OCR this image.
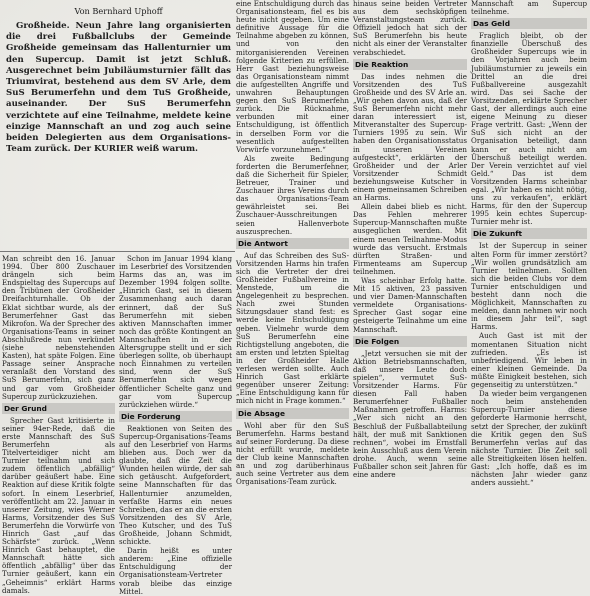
Von Bernhard Uphoff

Großheide. Neun Jahre lang organisierten die drei Fußballclubs der Gemeinde Großheide gemeinsam das Hallenturnier um den Supercup. Damit ist jetzt Schluß. Ausgerechnet beim Jubiläumsturnier fällt das Triumvirat, bestehend aus dem SV Arle, dem SuS Berumerfehn und dem TuS Großheide, auseinander. Der SuS Berumerfehn verzichtete auf eine Teilnahme, meldete keine einzige Mannschaft an und zog auch seine beiden Delegierten aus dem Organisations-Team zurück. Der KURIER weiß warum.

Man schreibt den 16. Januar 1994. Über 800 Zuschauer drängeln sich beim Endspieltag des Supercups auf den Tribünen der Großheider Dreifachturnhalle. Ob der Eklat sichtbar wurde, als der Berumerfehner Gast das Mikrofon. Wa der Sprecher des Organisations-Teams in seiner Abschlußrede nun verkündet (siehe nebenstehenden Kasten), hat späte Folgen. Eine Passage seiner Ansprache veranlaßt den Vorstand des SuS Berumerfehn, sich ganz und gar vom Großheider Supercup zurückzuziehen.

Der Grund

Sprecher Gast kritisierte in seiner 94er-Rede, daß die erste Mannschaft des SuS Berumerfehn als Titelverteidiger nicht am Turnier teilnahm und sich zudem öffentlich „abfällig“ darüber geäußert habe. Eine Reaktion auf diese Kritik folgte sofort. In einem Leserbrief, veröffentlicht am 22. Januar in unserer Zeitung, wies Werner Harms, Vorsitzender des SuS Berumerfehn die Vorwürfe von Hinrich Gast „auf das Schärfste“ zurück. „Wenn Hinrich Gast behauptet, die Mannschaft hätte sich öffentlich „abfällig“ über das Turnier geäußert, kann ein „Geheimnis“ erklärt Harms damals.

Schon im Januar 1994 klang im Leserbrief des Vorsitzenden Harms das an, was im Dezember 1994 folgen sollte. „Hinrich Gast, sei in diesem Zusammenhang auch daran erinnert, daß der SuS Berumerfehn mit sieben aktiven Mannschaften immer noch das größte Kontingent an Mannschaften in der Altersgruppe stellt und er sich überlegen sollte, ob überhaupt noch Einnahmen zu verteilen sind, wenn der SuS Berumerfehn sich wegen öffentlicher Schelte ganz und gar vom Supercup zurückziehen würde.“

Die Forderung

Reaktionen von Seiten des Supercup-Organisations-Teams auf den Leserbrief von Harms blieben aus. Doch wer da glaubte, daß die Zeit die Wunden heilen würde, der sah sich getäuscht. Aufgefordert, seine Mannschaften für das Hallenturnier anzumelden, verfaßte Harms ein neues Schreiben, das er an die ersten Vorsitzenden des SV Arle, Theo Kutscher, und des TuS Großheide, Johann Schmidt, schickte.

Darin heißt es unter anderem: „Eine offizielle Entschuldigung der Organisationsteam-Vertreter vorab bleibe das einzige Mittel.

eine Entschuldigung durch das Organisationsteam, fiel es bis heute nicht gegeben. Um eine definitive Aussage für die Teilnahme abgeben zu können, und von den mitorganisierenden Vereinen folgende Kriterien zu erfüllen. Herr Gast beziehungsweise das Organisationsteam nimmt die aufgestellten Angriffe und unwahren Behauptungen gegen den SuS Berumerfehn zurück. Die Rücknahme, verbunden mit einer Entschuldigung, ist öffentlich in derselben Form vor die wesentlich aufgestellten Vorwürfe vorzunehmen.“

Als zweite Bedingung forderten die Berumerfehner, daß die Sicherheit für Spieler, Betreuer, Trainer und Zuschauer ihres Vereins durch das Organisations-Team gewährleistet sei. Bei Zuschauer-Ausschreitungen seien Hallenverbote auszusprechen.

Die Antwort

Auf das Schreiben des SuS-Vorsitzenden Harms hin trafen sich die Vertreter der drei Großheider Fußballvereine in Menstede, um die Angelegenheit zu besprechen. Nach zwei Stunden Sitzungsdauer stand fest: es werde keine Entschuldigung geben. Vielmehr wurde dem SuS Berumerfehn eine Richtigstellung angeboten, die am ersten und letzten Spieltag in der Großheider Halle verlesen werden sollte. Auch Hinrich Gast erklärte gegenüber unserer Zeitung: „Eine Entschuldigung kann für mich nicht in Frage kommen.“

Die Absage

Wohl aber für den SuS Berumerfehn. Harms bestand auf seiner Forderung. Da diese nicht erfüllt wurde, meldete der Club keine Mannschaften an und zog darüberhinaus auch seine Vertreter aus dem Organisations-Team zurück.

hinaus seine beiden Vertreter aus dem sechsköpfigen Veranstaltungsteam zurück. Offiziell jedoch hat sich der SuS Berumerfehn bis heute nicht als einer der Veranstalter verabschiedet.

Die Reaktion

Das indes nehmen die Vorsitzenden des TuS Großheide und des SV Arle an. „Wir gehen davon aus, daß der SuS Berumerfehn nicht mehr daran interessiert ist, Mitveranstalter des Supercup-Turniers 1995 zu sein. Wir haben den Organisationsstatus in unseren Vereinen aufgesteckt“, erklärten der Großheider und der Arler Vorsitzender Schmidt beziehungsweise Kutscher in einem gemeinsamen Schreiben an Harms.

Allein dabei blieb es nicht. Das Fehlen mehrerer Supercup-Mannschaften mußte ausgeglichen werden. Mit einem neuen Teilnahme-Modus wurde das versucht. Erstmals dürften Straßen- und Firmenteams am Supercup teilnehmen.

Was scheinbar Erfolg hatte. Mit 15 aktiven, 23 passiven und vier Damen-Mannschaften vermeldete Organisations-Sprecher Gast sogar eine gesteigerte Teilnahme um eine Mannschaft.

Die Folgen

„Jetzt versuchen sie mit der Aktion Betriebsmannschaften, daß unsere Leute doch spielen“, vermutet SuS-Vorsitzender Harms. Für diesen Fall haben Berumerfehner Fußballer Maßnahmen getroffen. Harms: „Wer sich nicht an den Beschluß der Fußballabteilung hält, der muß mit Sanktionen rechnen“, wobei im Ernstfall kein Ausschluß aus dem Verein drohe. Auch, wenn seine Fußballer schon seit Jahren für eine andere

Mannschaft am Supercup teilnehme.

Das Geld

Fraglich bleibt, ob der finanzielle Überschuß des Großheider Supercups wie in den Vorjahren auch beim Jubiläumsturnier zu jeweils ein Drittel an die drei Fußballvereine ausgezahlt wird. Das sei Sache der Vorsitzenden, erklärte Sprecher Gast, der allerdings auch eine eigene Meinung zu dieser Frage vertritt. Gast: „Wenn der SuS sich nicht an der Organisation beteiligt, dann kann er auch nicht am Überschuß beteiligt werden. Der Verein verzichtet auf viel Geld.“ Das ist dem Vorsitzenden Harms scheinbar egal. „Wir haben es nicht nötig, uns zu verkaufen“, erklärt Harms, für den der Supercup 1995 kein echtes Supercup-Turnier mehr ist.

Die Zukunft

Ist der Supercup in seiner alten Form für immer zerstört? „Wir wollen grundsätzlich am Turnier teilnehmen. Sollten sich die beiden Clubs vor dem Turnier entschuldigen und besteht dann noch die Möglichkeit, Mannschaften zu melden, dann nehmen wir noch in diesem Jahr teil“, sagt Harms.

Auch Gast ist mit der momentanen Situation nicht zufrieden. „Es ist unbefriedigend. Wir leben in einer kleinen Gemeinde. Da müßte Einigkeit bestehen, sich gegenseitig zu unterstützen.“

Da wieder beim vergangenen noch beim anstehenden Supercup-Turnier diese geforderte Harmonie herrscht, setzt der Sprecher, der zukünft die Kritik gegen den SuS Berumerfehn verlas auf das nächste Turnier. Die Zeit soll alle Streitigkeiten lösen helfen. Gast: „Ich hoffe, daß es im nächsten Jahr wieder ganz anders aussieht.“
